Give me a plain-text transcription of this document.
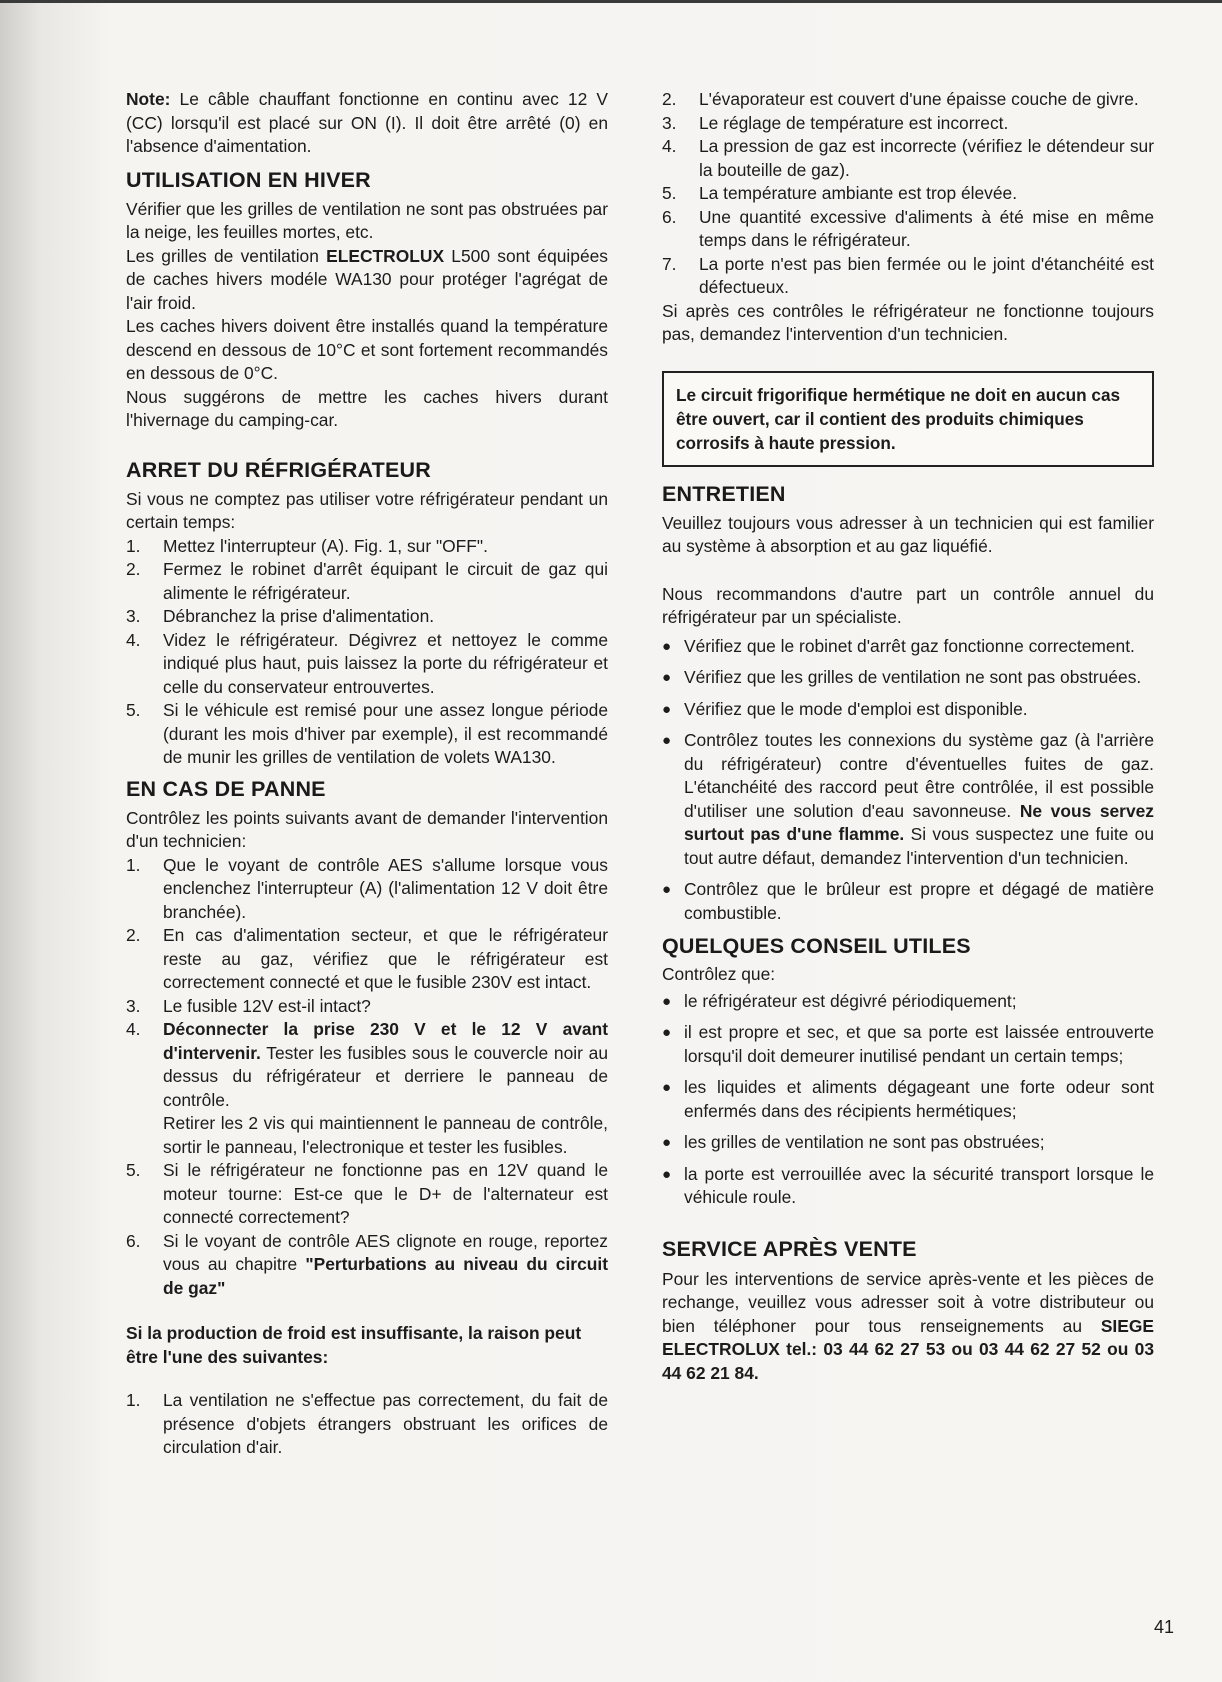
Note: Le câble chauffant fonctionne en continu avec 12 V (CC) lorsqu'il est placé sur ON (I). Il doit être arrêté (0) en l'absence d'aimentation.

UTILISATION EN HIVER

Vérifier que les grilles de ventilation ne sont pas obstruées par la neige, les feuilles mortes, etc.

Les grilles de ventilation ELECTROLUX L500 sont équipées de caches hivers modéle WA130 pour protéger l'agrégat de l'air froid.

Les caches hivers doivent être installés quand la température descend en dessous de 10°C et sont fortement recommandés en dessous de 0°C.

Nous suggérons de mettre les caches hivers durant l'hivernage du camping-car.

ARRET DU RÉFRIGÉRATEUR

Si vous ne comptez pas utiliser votre réfrigérateur pendant un certain temps:

1. Mettez l'interrupteur (A). Fig. 1, sur "OFF".
2. Fermez le robinet d'arrêt équipant le circuit de gaz qui alimente le réfrigérateur.
3. Débranchez la prise d'alimentation.
4. Videz le réfrigérateur. Dégivrez et nettoyez le comme indiqué plus haut, puis laissez la porte du réfrigérateur et celle du conservateur entrouvertes.
5. Si le véhicule est remisé pour une assez longue période (durant les mois d'hiver par exemple), il est recommandé de munir les grilles de ventilation de volets WA130.
EN CAS DE PANNE

Contrôlez les points suivants avant de demander l'intervention d'un technicien:

1. Que le voyant de contrôle AES s'allume lorsque vous enclenchez l'interrupteur (A) (l'alimentation 12 V doit être branchée).
2. En cas d'alimentation secteur, et que le réfrigérateur reste au gaz, vérifiez que le réfrigérateur est correctement connecté et que le fusible 230V est intact.
3. Le fusible 12V est-il intact?
4. Déconnecter la prise 230 V et le 12 V avant d'intervenir. Tester les fusibles sous le couvercle noir au dessus du réfrigérateur et derriere le panneau de contrôle.
Retirer les 2 vis qui maintiennent le panneau de contrôle, sortir le panneau, l'electronique et tester les fusibles.
5. Si le réfrigérateur ne fonctionne pas en 12V quand le moteur tourne: Est-ce que le D+ de l'alternateur est connecté correctement?
6. Si le voyant de contrôle AES clignote en rouge, reportez vous au chapitre "Perturbations au niveau du circuit de gaz"

Si la production de froid est insuffisante, la raison peut être l'une des suivantes:

1. La ventilation ne s'effectue pas correctement, du fait de présence d'objets étrangers obstruant les orifices de circulation d'air.
2. L'évaporateur est couvert d'une épaisse couche de givre.
3. Le réglage de température est incorrect.
4. La pression de gaz est incorrecte (vérifiez le détendeur sur la bouteille de gaz).
5. La température ambiante est trop élevée.
6. Une quantité excessive d'aliments à été mise en même temps dans le réfrigérateur.
7. La porte n'est pas bien fermée ou le joint d'étanchéité est défectueux.

Si après ces contrôles le réfrigérateur ne fonctionne toujours pas, demandez l'intervention d'un technicien.

Le circuit frigorifique hermétique ne doit en aucun cas être ouvert, car il contient des produits chimiques corrosifs à haute pression.
ENTRETIEN

Veuillez toujours vous adresser à un technicien qui est familier au système à absorption et au gaz liquéfié.

Nous recommandons d'autre part un contrôle annuel du réfrigérateur par un spécialiste.

● Vérifiez que le robinet d'arrêt gaz fonctionne correctement.
● Vérifiez que les grilles de ventilation ne sont pas obstruées.
● Vérifiez que le mode d'emploi est disponible.
● Contrôlez toutes les connexions du système gaz (à l'arrière du réfrigérateur) contre d'éventuelles fuites de gaz. L'étanchéité des raccord peut être contrôlée, il est possible d'utiliser une solution d'eau savonneuse. Ne vous servez surtout pas d'une flamme. Si vous suspectez une fuite ou tout autre défaut, demandez l'intervention d'un technicien.
● Contrôlez que le brûleur est propre et dégagé de matière combustible.
QUELQUES CONSEIL UTILES

Contrôlez que:

● le réfrigérateur est dégivré périodiquement;
● il est propre et sec, et que sa porte est laissée entrouverte lorsqu'il doit demeurer inutilisé pendant un certain temps;
● les liquides et aliments dégageant une forte odeur sont enfermés dans des récipients hermétiques;
● les grilles de ventilation ne sont pas obstruées;
● la porte est verrouillée avec la sécurité transport lorsque le véhicule roule.
SERVICE APRÈS VENTE

Pour les interventions de service après-vente et les pièces de rechange, veuillez vous adresser soit à votre distributeur ou bien téléphoner pour tous renseignements au SIEGE ELECTROLUX tel.: 03 44 62 27 53 ou 03 44 62 27 52 ou 03 44 62 21 84.

41
